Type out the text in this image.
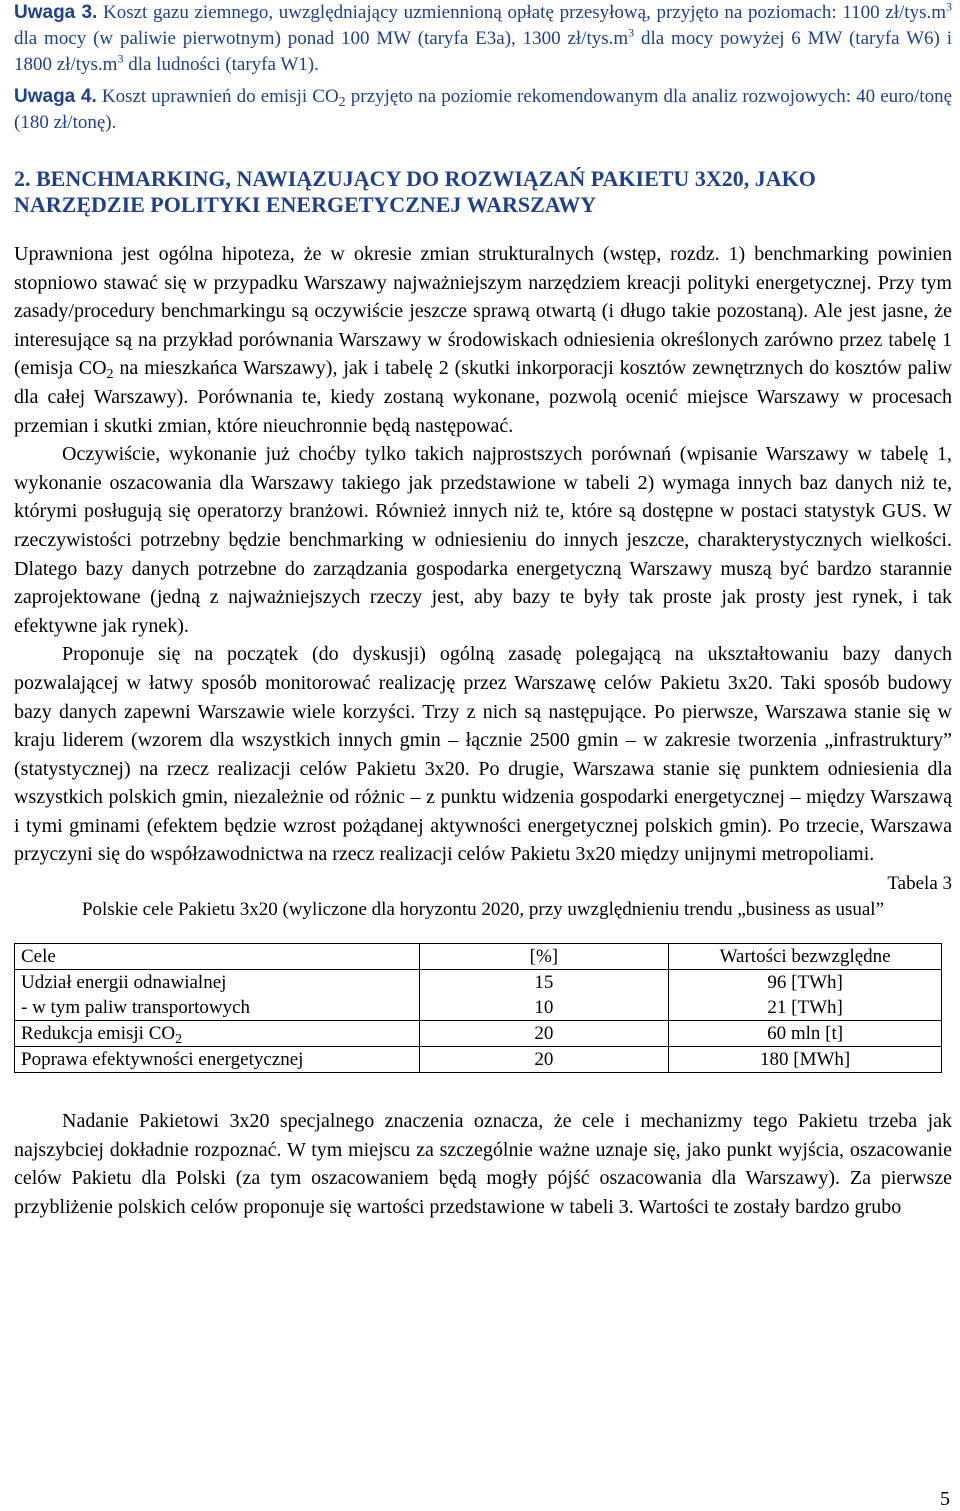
Uwaga 3. Koszt gazu ziemnego, uwzględniający uzmiennioną opłatę przesyłową, przyjęto na poziomach: 1100 $zł/tys.m^3$ dla mocy (w paliwie pierwotnym) ponad 100 MW (taryfa E3a), 1300 $zł/tys.m^3$ dla mocy powyżej 6 MW (taryfa W6) i 1800 $zł/tys.m^3$ dla ludności (taryfa W1).

Uwaga 4. Koszt uprawnień do emisji $CO_2$ przyjęto na poziomie rekomendowanym dla analiz rozwojowych: 40 euro/tonę (180 zł/tonę).

2. BENCHMARKING, NAWIĄZUJĄCY DO ROZWIĄZAŃ PAKIETU 3X20, JAKO NARZĘDZIE POLITYKI ENERGETYCZNEJ WARSZAWY

Uprawniona jest ogólna hipoteza, że w okresie zmian strukturalnych (wstęp, rozdz. 1) benchmarking powinien stopniowo stawać się w przypadku Warszawy najważniejszym narzędziem kreacji polityki energetycznej. Przy tym zasady/procedury benchmarkingu są oczywiście jeszcze sprawą otwartą (i długo takie pozostaną). Ale jest jasne, że interesujące są na przykład porównania Warszawy w środowiskach odniesienia określonych zarówno przez tabelę 1 (emisja $CO_2$ na mieszkańca Warszawy), jak i tabelę 2 (skutki inkorporacji kosztów zewnętrznych do kosztów paliw dla całej Warszawy). Porównania te, kiedy zostaną wykonane, pozwolą ocenić miejsce Warszawy w procesach przemian i skutki zmian, które nieuchronnie będą następować.

Oczywiście, wykonanie już choćby tylko takich najprostszych porównań (wpisanie Warszawy w tabelę 1, wykonanie oszacowania dla Warszawy takiego jak przedstawione w tabeli 2) wymaga innych baz danych niż te, którymi posługują się operatorzy branżowi. Również innych niż te, które są dostępne w postaci statystyk GUS. W rzeczywistości potrzebny będzie benchmarking w odniesieniu do innych jeszcze, charakterystycznych wielkości. Dlatego bazy danych potrzebne do zarządzania gospodarka energetyczną Warszawy muszą być bardzo starannie zaprojektowane (jedną z najważniejszych rzeczy jest, aby bazy te były tak proste jak prosty jest rynek, i tak efektywne jak rynek).

Proponuje się na początek (do dyskusji) ogólną zasadę polegającą na ukształtowaniu bazy danych pozwalającej w łatwy sposób monitorować realizację przez Warszawę celów Pakietu 3x20. Taki sposób budowy bazy danych zapewni Warszawie wiele korzyści. Trzy z nich są następujące. Po pierwsze, Warszawa stanie się w kraju liderem (wzorem dla wszystkich innych gmin – łącznie 2500 gmin – w zakresie tworzenia „infrastruktury” (statystycznej) na rzecz realizacji celów Pakietu 3x20. Po drugie, Warszawa stanie się punktem odniesienia dla wszystkich polskich gmin, niezależnie od różnic – z punktu widzenia gospodarki energetycznej – między Warszawą i tymi gminami (efektem będzie wzrost pożądanej aktywności energetycznej polskich gmin). Po trzecie, Warszawa przyczyni się do współzawodnictwa na rzecz realizacji celów Pakietu 3x20 między unijnymi metropoliami.

Tabela 3
Polskie cele Pakietu 3x20 (wyliczone dla horyzontu 2020, przy uwzględnieniu trendu „business as usual”
Cele	[%]	Wartości bezwzględne
Udział energii odnawialnej	15	96 [TWh]
- w tym paliw transportowych	10	21 [TWh]
Redukcja emisji $CO_2$	20	60 mln [t]
Poprawa efektywności energetycznej	20	180 [MWh]

Nadanie Pakietowi 3x20 specjalnego znaczenia oznacza, że cele i mechanizmy tego Pakietu trzeba jak najszybciej dokładnie rozpoznać. W tym miejscu za szczególnie ważne uznaje się, jako punkt wyjścia, oszacowanie celów Pakietu dla Polski (za tym oszacowaniem będą mogły pójść oszacowania dla Warszawy). Za pierwsze przybliżenie polskich celów proponuje się wartości przedstawione w tabeli 3. Wartości te zostały bardzo grubo

5
